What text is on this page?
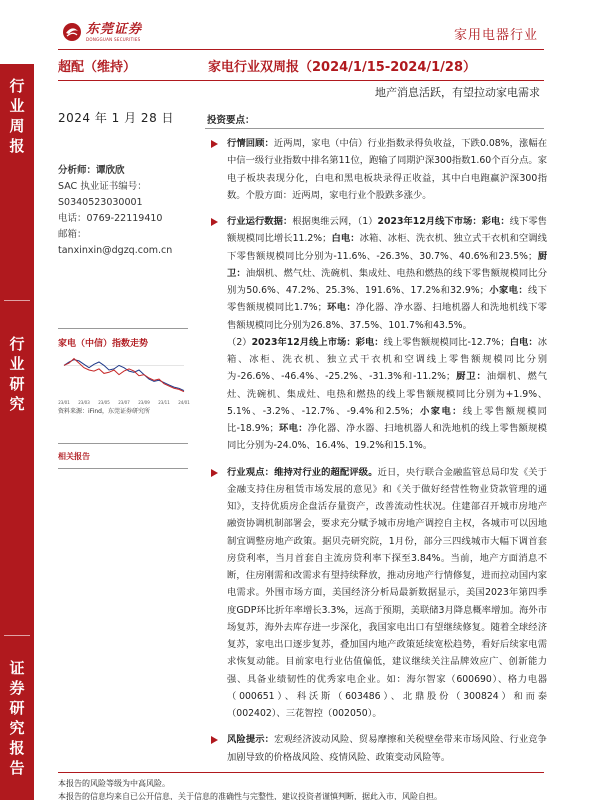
东莞证券
DONGGUAN SECURITIES	家用电器行业
行
业
周
报
行
业
研
究
证
券
研
究
报
告
超配（维持）	家电行业双周报（2024/1/15-2024/1/28）
地产消息活跃，有望拉动家电需求
2024 年 1 月 28 日
分析师：谭欣欣
SAC 执业证书编号：
S0340523030001
电话：0769-22119410
邮箱：
tanxinxin@dgzq.com.cn
家电（中信）指数走势
23/01 23/03 23/05 23/07 23/09 23/11 24/01
资料来源：iFind，东莞证券研究所
相关报告
投资要点：
行情回顾：近两周，家电（中信）行业指数录得负收益，下跌0.08%，涨幅在中信一级行业指数中排名第11位，跑输了同期沪深300指数1.60个百分点。家电子板块表现分化，白电和黑电板块录得正收益，其中白电跑赢沪深300指数。个股方面：近两周，家电行业个股跌多涨少。
行业运行数据：根据奥维云网，（1）2023年12月线下市场：彩电：线下零售额规模同比增长11.2%；白电：冰箱、冰柜、洗衣机、独立式干衣机和空调线下零售额规模同比分别为-11.6%、-26.3%、30.7%、40.6%和23.5%；厨卫：油烟机、燃气灶、洗碗机、集成灶、电热和燃热的线下零售额规模同比分别为50.6%、47.2%、25.3%、191.6%、17.2%和32.9%；小家电：线下零售额规模同比1.7%；环电：净化器、净水器、扫地机器人和洗地机线下零售额规模同比分别为26.8%、37.5%、101.7%和43.5%。
（2）2023年12月线上市场：彩电：线上零售额规模同比-12.7%；白电：冰箱、冰柜、洗衣机、独立式干衣机和空调线上零售额规模同比分别为-26.6%、-46.4%、-25.2%、-31.3%和-11.2%；厨卫：油烟机、燃气灶、洗碗机、集成灶、电热和燃热的线上零售额规模同比分别为+1.9%、5.1%、-3.2%、-12.7%、-9.4%和2.5%；小家电：线上零售额规模同比-18.9%；环电：净化器、净水器、扫地机器人和洗地机的线上零售额规模同比分别为-24.0%、16.4%、19.2%和15.1%。
行业观点：维持对行业的超配评级。近日，央行联合金融监管总局印发《关于金融支持住房租赁市场发展的意见》和《关于做好经营性物业贷款管理的通知》，支持优质房企盘活存量资产，改善流动性状况。住建部召开城市房地产融资协调机制部署会，要求充分赋予城市房地产调控自主权，各城市可以因地制宜调整房地产政策。据贝壳研究院，1月份，部分三四线城市大幅下调首套房贷利率，当月首套自主流房贷利率下探至3.84%。当前，地产方面消息不断，住房刚需和改需求有望持续释放，推动房地产行情修复，进而拉动国内家电需求。外围市场方面，美国经济分析局最新数据显示，美国2023年第四季度GDP环比折年率增长3.3%，远高于预期，美联储3月降息概率增加。海外市场复苏，海外去库存进一步深化，我国家电出口有望继续修复。随着全球经济复苏，家电出口逐步复苏，叠加国内地产政策延续宽松趋势，看好后续家电需求恢复动能。目前家电行业估值偏低，建议继续关注品牌效应广、创新能力强、具备业绩韧性的优秀家电企业。如：海尔智家（600690）、格力电器（000651）、科沃斯（603486）、北鼎股份（300824）和而泰（002402）、三花智控（002050）。
风险提示：宏观经济波动风险、贸易摩擦和关税壁垒带来市场风险、行业竞争加剧导致的价格战风险、疫情风险、政策变动风险等。
本报告的风险等级为中高风险。
本报告的信息均来自已公开信息，关于信息的准确性与完整性，建议投资者谨慎判断，据此入市，风险自担。
